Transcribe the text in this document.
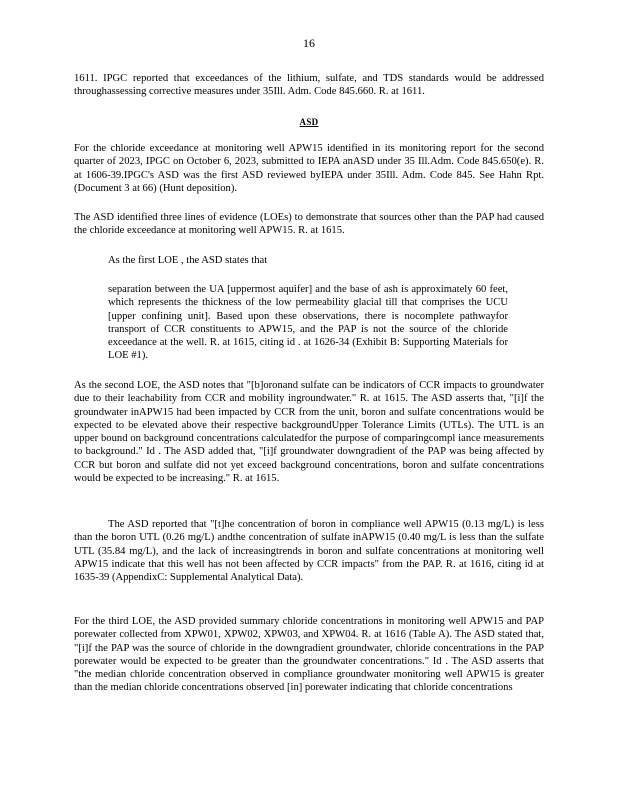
16
1611. IPGC reported that exceedances of the lithium, sulfate, and TDS standards would be addressed throughassessing corrective measures under 35Ill. Adm. Code 845.660. R. at 1611.
ASD
For the chloride exceedance at monitoring well APW15 identified in its monitoring report for the second quarter of 2023, IPGC on October 6, 2023, submitted to IEPA anASD under 35 Ill.Adm. Code 845.650(e). R. at 1606-39.IPGC's ASD was the first ASD reviewed byIEPA under 35Ill. Adm. Code 845. See Hahn Rpt. (Document 3 at 66) (Hunt deposition).
The ASD identified three lines of evidence (LOEs) to demonstrate that sources other than the PAP had caused the chloride exceedance at monitoring well APW15. R. at 1615.
As the first LOE , the ASD states that
separation between the UA [uppermost aquifer] and the base of ash is approximately 60 feet, which represents the thickness of the low permeability glacial till that comprises the UCU [upper confining unit]. Based upon these observations, there is nocomplete pathwayfor transport of CCR constituents to APW15, and the PAP is not the source of the chloride exceedance at the well. R. at 1615, citing id . at 1626-34 (Exhibit B: Supporting Materials for LOE #1).
As the second LOE, the ASD notes that "[b]oronand sulfate can be indicators of CCR impacts to groundwater due to their leachability from CCR and mobility ingroundwater." R. at 1615. The ASD asserts that, "[i]f the groundwater inAPW15 had been impacted by CCR from the unit, boron and sulfate concentrations would be expected to be elevated above their respective backgroundUpper Tolerance Limits (UTLs). The UTL is an upper bound on background concentrations calculatedfor the purpose of comparingcompl iance measurements to background." Id . The ASD added that, "[i]f groundwater downgradient of the PAP was being affected by CCR but boron and sulfate did not yet exceed background concentrations, boron and sulfate concentrations would be expected to be increasing." R. at 1615.
The ASD reported that "[t]he concentration of boron in compliance well APW15 (0.13 mg/L) is less than the boron UTL (0.26 mg/L) andthe concentration of sulfate inAPW15 (0.40 mg/L is less than the sulfate UTL (35.84 mg/L), and the lack of increasingtrends in boron and sulfate concentrations at monitoring well APW15 indicate that this well has not been affected by CCR impacts" from the PAP. R. at 1616, citing id at 1635-39 (AppendixC: Supplemental Analytical Data).
For the third LOE, the ASD provided summary chloride concentrations in monitoring well APW15 and PAP porewater collected from XPW01, XPW02, XPW03, and XPW04. R. at 1616 (Table A). The ASD stated that, "[i]f the PAP was the source of chloride in the downgradient groundwater, chloride concentrations in the PAP porewater would be expected to be greater than the groundwater concentrations." Id . The ASD asserts that "the median chloride concentration observed in compliance groundwater monitoring well APW15 is greater than the median chloride concentrations observed [in] porewater indicating that chloride concentrations
